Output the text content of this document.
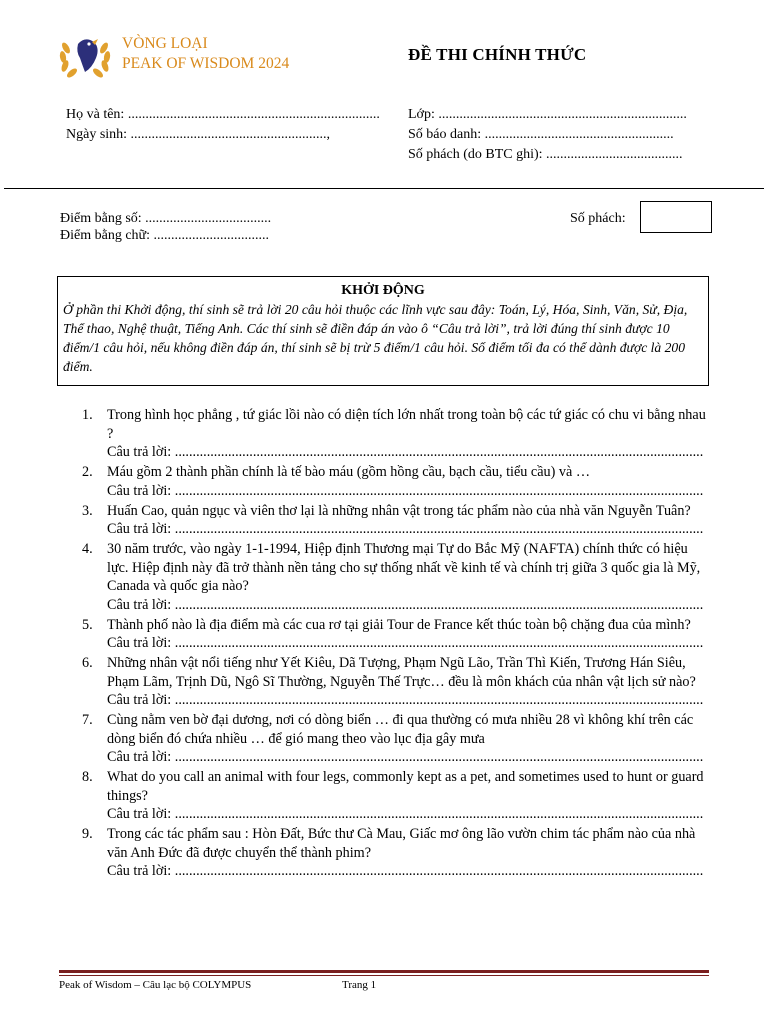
VÒNG LOẠI
PEAK OF WISDOM 2024	ĐỀ THI CHÍNH THỨC
Họ và tên: ........................................................................ Lớp: .......................................................................
Ngày sinh: ........................................................,	Số báo danh: ......................................................
Số phách (do BTC ghi): .......................................
Điểm bằng số: ....................................
Điểm bằng chữ: .................................
Số phách:
KHỞI ĐỘNG
Ở phần thi Khởi động, thí sinh sẽ trả lời 20 câu hỏi thuộc các lĩnh vực sau đây: Toán, Lý, Hóa, Sinh, Văn, Sử, Địa, Thể thao, Nghệ thuật, Tiếng Anh. Các thí sinh sẽ điền đáp án vào ô “Câu trả lời”, trả lời đúng thí sinh được 10 điểm/1 câu hỏi, nếu không điền đáp án, thí sinh sẽ bị trừ 5 điểm/1 câu hỏi. Số điểm tối đa có thể dành được là 200 điểm.
1.	Trong hình học phẳng , tứ giác lồi nào có diện tích lớn nhất trong toàn bộ các tứ giác có chu vi bằng nhau ?
Câu trả lời: .....................................................................................................................................................
2.	Máu gồm 2 thành phần chính là tế bào máu (gồm hồng cầu, bạch cầu, tiểu cầu) và …
Câu trả lời: .....................................................................................................................................................
3.	Huấn Cao, quản ngục và viên thơ lại là những nhân vật trong tác phẩm nào của nhà văn Nguyễn Tuân?
Câu trả lời: .....................................................................................................................................................
4.	30 năm trước, vào ngày 1-1-1994, Hiệp định Thương mại Tự do Bắc Mỹ (NAFTA) chính thức có hiệu lực. Hiệp định này đã trở thành nền tảng cho sự thống nhất về kinh tế và chính trị giữa 3 quốc gia là Mỹ, Canada và quốc gia nào?
Câu trả lời: .....................................................................................................................................................
5.	Thành phố nào là địa điểm mà các cua rơ tại giải Tour de France kết thúc toàn bộ chặng đua của mình?
Câu trả lời: .....................................................................................................................................................
6.	Những nhân vật nổi tiếng như Yết Kiêu, Dã Tượng, Phạm Ngũ Lão, Trần Thì Kiến, Trương Hán Siêu, Phạm Lãm, Trịnh Dũ, Ngô Sĩ Thường, Nguyễn Thế Trực… đều là môn khách của nhân vật lịch sử nào?
Câu trả lời: .....................................................................................................................................................
7.	Cùng nằm ven bờ đại dương, nơi có dòng biển … đi qua thường có mưa nhiều 28 vì không khí trên các dòng biển đó chứa nhiều … để gió mang theo vào lục địa gây mưa
Câu trả lời: .....................................................................................................................................................
8.	What do you call an animal with four legs, commonly kept as a pet, and sometimes used to hunt or guard things?
Câu trả lời: .....................................................................................................................................................
9.	Trong các tác phẩm sau : Hòn Đất, Bức thư Cà Mau, Giấc mơ ông lão vườn chim tác phẩm nào của nhà văn Anh Đức đã được chuyển thể thành phim?
Câu trả lời: .....................................................................................................................................................
Peak of Wisdom – Câu lạc bộ COLYMPUS	Trang 1
